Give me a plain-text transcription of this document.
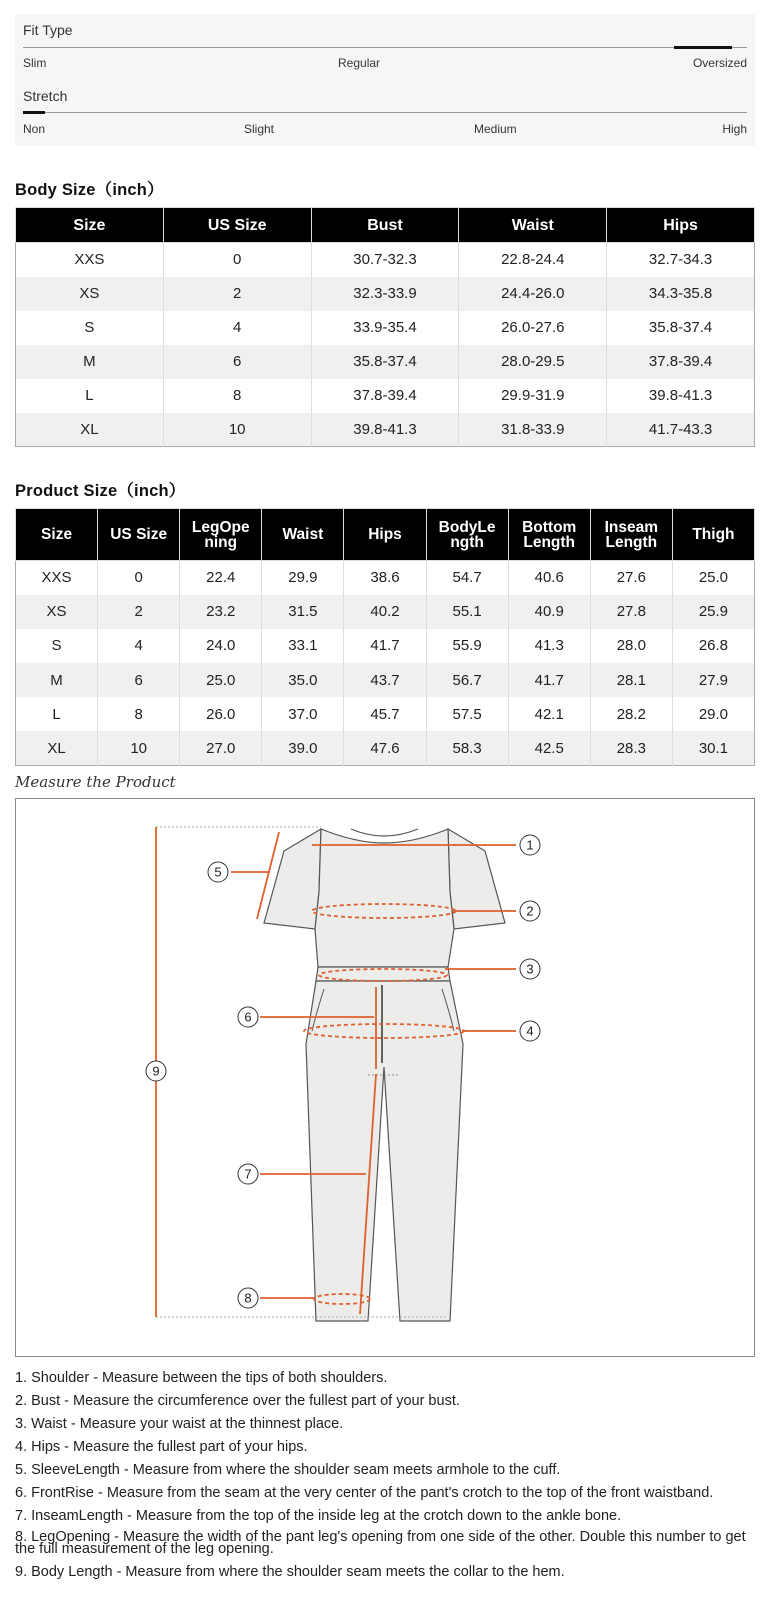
Fit Type
Slim	Regular	Oversized
Stretch
Non	Slight	Medium	High
Body Size（inch）
Size	US Size	Bust	Waist	Hips
XXS	0	30.7-32.3	22.8-24.4	32.7-34.3
XS	2	32.3-33.9	24.4-26.0	34.3-35.8
S	4	33.9-35.4	26.0-27.6	35.8-37.4
M	6	35.8-37.4	28.0-29.5	37.8-39.4
L	8	37.8-39.4	29.9-31.9	39.8-41.3
XL	10	39.8-41.3	31.8-33.9	41.7-43.3
Product Size（inch）
Size	US Size	LegOpe ning	Waist	Hips	BodyLe ngth	Bottom Length	Inseam Length	Thigh
XXS	0	22.4	29.9	38.6	54.7	40.6	27.6	25.0
XS	2	23.2	31.5	40.2	55.1	40.9	27.8	25.9
S	4	24.0	33.1	41.7	55.9	41.3	28.0	26.8
M	6	25.0	35.0	43.7	56.7	41.7	28.1	27.9
L	8	26.0	37.0	45.7	57.5	42.1	28.2	29.0
XL	10	27.0	39.0	47.6	58.3	42.5	28.3	30.1
Measure the Product
1
2
3
4
5
6
7
8
9
1. Shoulder - Measure between the tips of both shoulders.
2. Bust - Measure the circumference over the fullest part of your bust.
3. Waist - Measure your waist at the thinnest place.
4. Hips - Measure the fullest part of your hips.
5. SleeveLength - Measure from where the shoulder seam meets armhole to the cuff.
6. FrontRise - Measure from the seam at the very center of the pant's crotch to the top of the front waistband.
7. InseamLength - Measure from the top of the inside leg at the crotch down to the ankle bone.
8. LegOpening - Measure the width of the pant leg's opening from one side of the other. Double this number to get the full measurement of the leg opening.
9. Body Length - Measure from where the shoulder seam meets the collar to the hem.
